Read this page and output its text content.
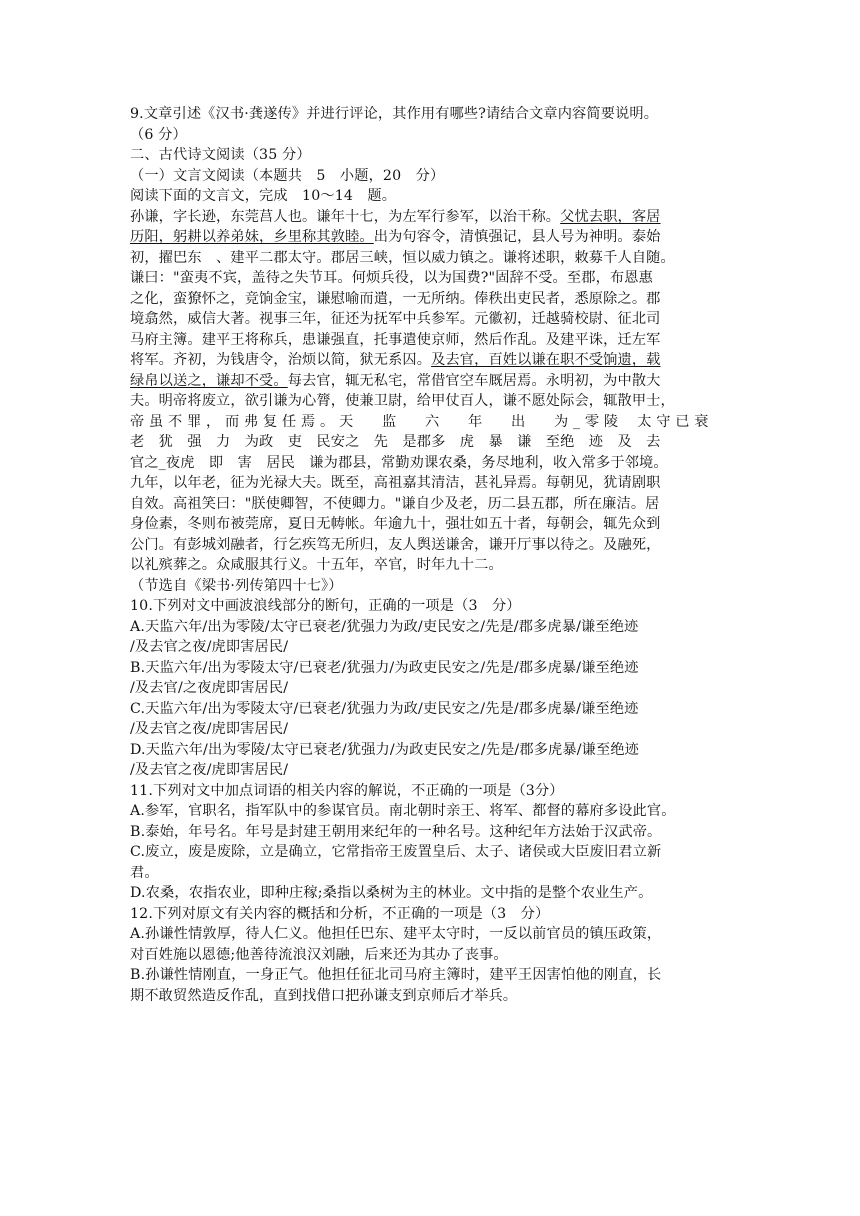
9.文章引述《汉书·龚遂传》并进行评论，其作用有哪些?请结合文章内容简要说明。
（6 分）
二、古代诗文阅读（35 分）
（一）文言文阅读（本题共　5　小题，20　分）
阅读下面的文言文，完成　10～14　题。
孙谦，字长逊，东莞莒人也。谦年十七，为左军行参军，以治干称。父忧去职，客居
历阳，躬耕以养弟妹，乡里称其敦睦。出为句容令，清慎强记，县人号为神明。泰始
初，擢巴东　、建平二郡太守。郡居三峡，恒以威力镇之。谦将述职，敕募千人自随。
谦曰："蛮夷不宾，盖待之失节耳。何烦兵役，以为国费?"固辞不受。至郡，布恩惠
之化，蛮獠怀之，竞饷金宝，谦慰喻而遣，一无所纳。俸秩出吏民者，悉原除之。郡
境翕然，威信大著。视事三年，征还为抚军中兵参军。元徽初，迁越骑校尉、征北司
马府主簿。建平王将称兵，患谦强直，托事遣使京师，然后作乱。及建平诛，迁左军
将军。齐初，为钱唐令，治烦以简，狱无系囚。及去官，百姓以谦在职不受饷遗，载
绿帛以送之，谦却不受。每去官，辄无私宅，常借官空车厩居焉。永明初，为中散大
夫。明帝将废立，欲引谦为心膂，使兼卫尉，给甲仗百人，谦不愿处际会，辄散甲士，
帝 虽 不 罪 ， 而 弗 复 任 焉 。 天　　监　　六　　年　　出　　为 _ 零 陵　 太 守 已 衰
老　犹　强　力　为政　吏　民安之　先　是郡多　虎　暴　谦　至绝　迹　及　去
官之_夜虎　即　害　居民　谦为郡县，常勤劝课农桑，务尽地利，收入常多于邻境。
九年，以年老，征为光禄大夫。既至，高祖嘉其清洁，甚礼异焉。每朝见，犹请剧职
自效。高祖笑曰："朕使卿智，不使卿力。"谦自少及老，历二县五郡，所在廉洁。居
身俭素，冬则布被莞席，夏日无帱帐。年逾九十，强壮如五十者，每朝会，辄先众到
公门。有彭城刘融者，行乞疾笃无所归，友人舆送谦舍，谦开厅事以待之。及融死，
以礼殡葬之。众咸服其行义。十五年，卒官，时年九十二。
（节选自《梁书·列传第四十七》）
10.下列对文中画波浪线部分的断句，正确的一项是（3　分）
A.天监六年/出为零陵/太守已衰老/犹强力为政/吏民安之/先是/郡多虎暴/谦至绝迹
/及去官之夜/虎即害居民/
B.天监六年/出为零陵太守/已衰老/犹强力/为政吏民安之/先是/郡多虎暴/谦至绝迹
/及去官/之夜虎即害居民/
C.天监六年/出为零陵太守/已衰老/犹强力为政/吏民安之/先是/郡多虎暴/谦至绝迹
/及去官之夜/虎即害居民/
D.天监六年/出为零陵/太守已衰老/犹强力/为政吏民安之/先是/郡多虎暴/谦至绝迹
/及去官之夜/虎即害居民/
11.下列对文中加点词语的相关内容的解说，不正确的一项是（3分）
A.参军，官职名，指军队中的参谋官员。南北朝时亲王、将军、都督的幕府多设此官。
B.泰始，年号名。年号是封建王朝用来纪年的一种名号。这种纪年方法始于汉武帝。
C.废立，废是废除，立是确立，它常指帝王废置皇后、太子、诸侯或大臣废旧君立新
君。
D.农桑，农指农业，即种庄稼;桑指以桑树为主的林业。文中指的是整个农业生产。
12.下列对原文有关内容的概括和分析，不正确的一项是（3　分）
A.孙谦性情敦厚，待人仁义。他担任巴东、建平太守时，一反以前官员的镇压政策，
对百姓施以恩德;他善待流浪汉刘融，后来还为其办了丧事。
B.孙谦性情刚直，一身正气。他担任征北司马府主簿时，建平王因害怕他的刚直，长
期不敢贸然造反作乱，直到找借口把孙谦支到京师后才举兵。
